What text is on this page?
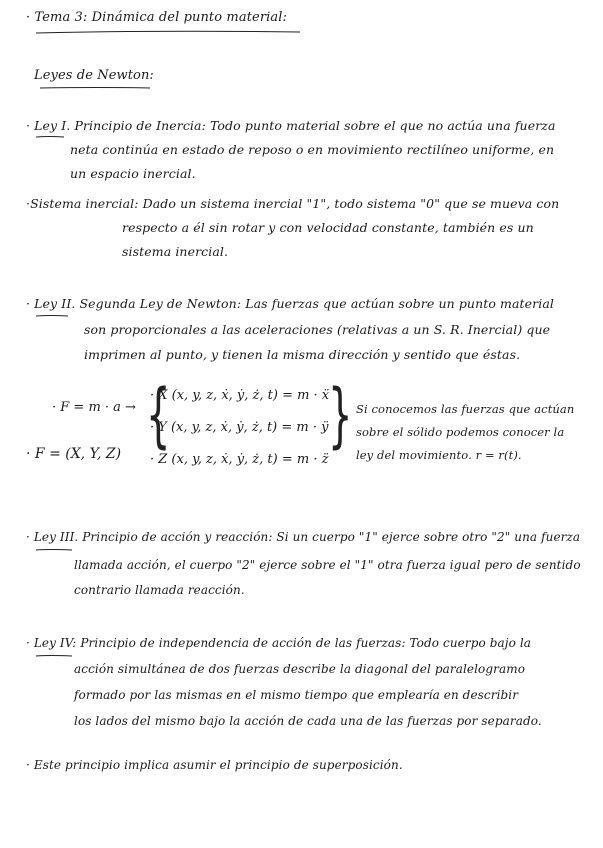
· Tema 3: Dinámica del punto material:
Leyes de Newton:
· Ley I. Principio de Inercia: Todo punto material sobre el que no actúa una fuerza
neta continúa en estado de reposo o en movimiento rectilíneo uniforme, en
un espacio inercial.
·Sistema inercial: Dado un sistema inercial "1", todo sistema "0" que se mueva con
respecto a él sin rotar y con velocidad constante, también es un
sistema inercial.
· Ley II. Segunda Ley de Newton: Las fuerzas que actúan sobre un punto material
son proporcionales a las aceleraciones (relativas a un S. R. Inercial) que
imprimen al punto, y tienen la misma dirección y sentido que éstas.
· F = m · a →
· F = (X, Y, Z) { }
· X (x, y, z, ẋ, ẏ, ż, t) = m · ẍ
· Y (x, y, z, ẋ, ẏ, ż, t) = m · ÿ
· Z (x, y, z, ẋ, ẏ, ż, t) = m · z̈
Si conocemos las fuerzas que actúan
sobre el sólido podemos conocer la
ley del movimiento. r = r(t).
· Ley III. Principio de acción y reacción: Si un cuerpo "1" ejerce sobre otro "2" una fuerza
llamada acción, el cuerpo "2" ejerce sobre el "1" otra fuerza igual pero de sentido
contrario llamada reacción.
· Ley IV: Principio de independencia de acción de las fuerzas: Todo cuerpo bajo la
acción simultánea de dos fuerzas describe la diagonal del paralelogramo
formado por las mismas en el mismo tiempo que emplearía en describir
los lados del mismo bajo la acción de cada una de las fuerzas por separado.
· Este principio implica asumir el principio de superposición.
